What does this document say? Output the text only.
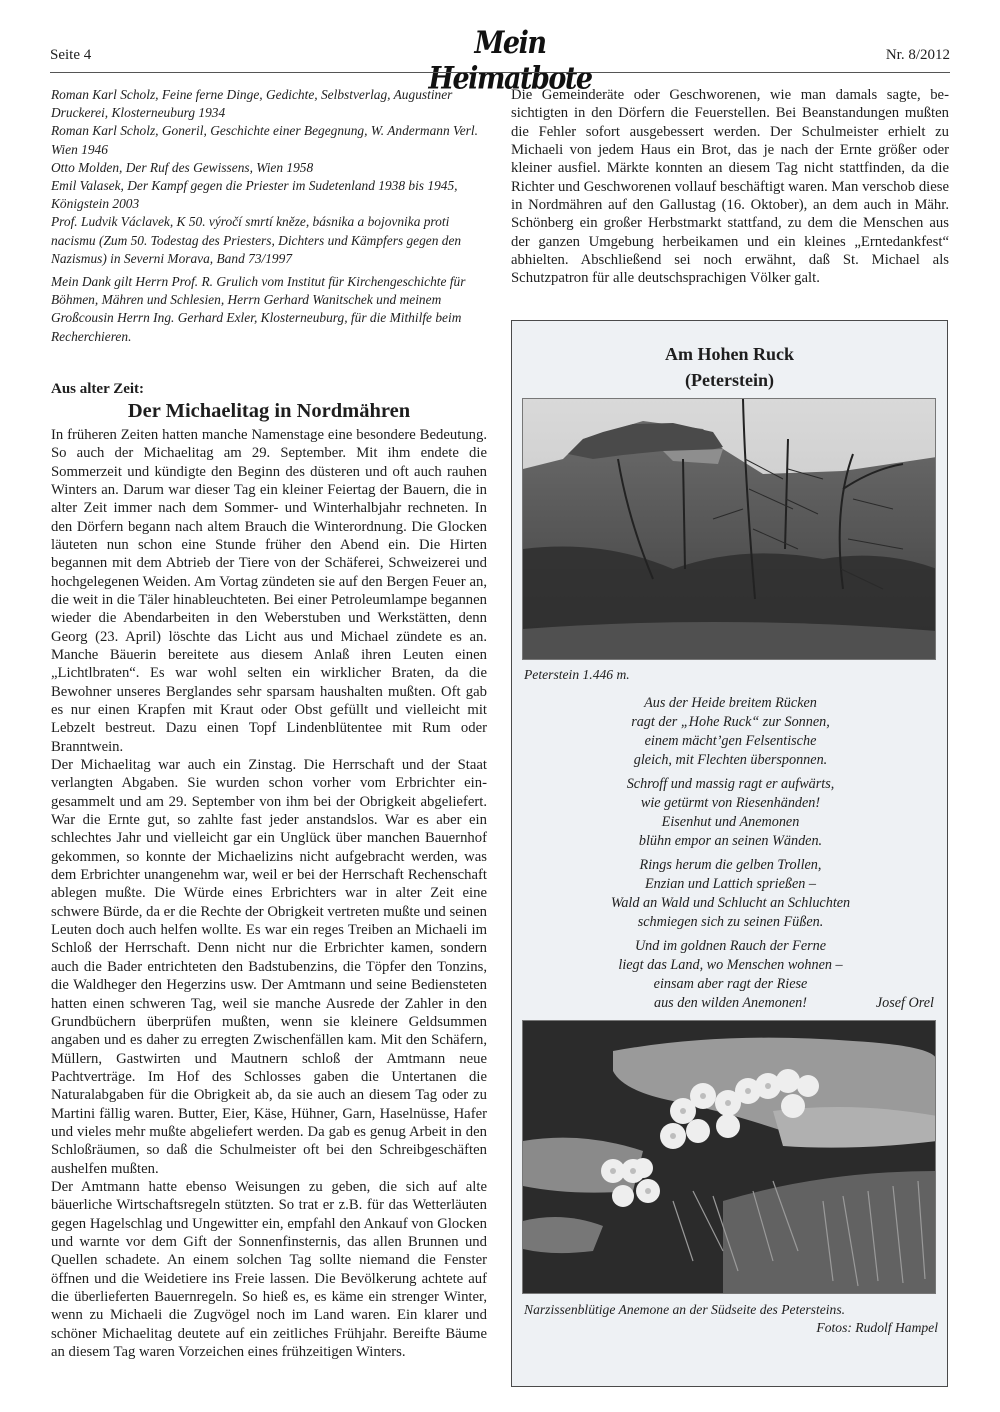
Seite 4	Mein Heimatbote
Nr. 8/2012

Roman Karl Scholz, Feine ferne Dinge, Gedichte, Selbstverlag, Augustiner Druckerei, Klosterneuburg 1934

Roman Karl Scholz, Goneril, Geschichte einer Begegnung, W. Andermann Verl. Wien 1946

Otto Molden, Der Ruf des Gewissens, Wien 1958

Emil Valasek, Der Kampf gegen die Priester im Sudetenland 1938 bis 1945, Königstein 2003

Prof. Ludvik Václavek, K 50. výročí smrtí kněze, básnika a bojovnika proti nacismu (Zum 50. Todestag des Priesters, Dichters und Kämpfers gegen den Nazismus) in Severni Morava, Band 73/1997

Mein Dank gilt Herrn Prof. R. Grulich vom Institut für Kirchengeschichte für Böhmen, Mähren und Schlesien, Herrn Gerhard Wanitschek und meinem Großcousin Herrn Ing. Gerhard Exler, Klosterneuburg, für die Mithilfe beim Recherchieren.

Aus alter Zeit:
Der Michaelitag in Nordmähren

In früheren Zeiten hatten manche Namenstage eine besondere Bedeutung. So auch der Michaelitag am 29. September. Mit ihm endete die Sommerzeit und kündigte den Beginn des düsteren und oft auch rauhen Winters an. Darum war dieser Tag ein kleiner Feiertag der Bauern, die in alter Zeit immer nach dem Sommer- und Winterhalbjahr rechneten. In den Dörfern begann nach altem Brauch die Winterordnung. Die Glocken läuteten nun schon eine Stunde früher den Abend ein. Die Hirten begannen mit dem Abtrieb der Tiere von der Schäferei, Schweizerei und hochgelegenen Weiden. Am Vortag zündeten sie auf den Bergen Feuer an, die weit in die Täler hinableuchteten. Bei einer Petroleumlampe begannen wieder die Abendarbeiten in den Weberstuben und Werkstätten, denn Georg (23. April) löschte das Licht aus und Michael zündete es an. Manche Bäuerin bereitete aus diesem Anlaß ihren Leuten einen „Lichtlbraten“. Es war wohl selten ein wirklicher Braten, da die Bewohner unseres Berglandes sehr sparsam haushalten mußten. Oft gab es nur einen Krapfen mit Kraut oder Obst gefüllt und vielleicht mit Lebzelt bestreut. Dazu einen Topf Lindenblütentee mit Rum oder Branntwein.

Der Michaelitag war auch ein Zinstag. Die Herrschaft und der Staat verlangten Abgaben. Sie wurden schon vorher vom Erbrichter eingesammelt und am 29. September von ihm bei der Obrigkeit abgeliefert. War die Ernte gut, so zahlte fast jeder anstandslos. War es aber ein schlechtes Jahr und vielleicht gar ein Unglück über manchen Bauernhof gekommen, so konnte der Michaelizins nicht aufgebracht werden, was dem Erbrichter unangenehm war, weil er bei der Herrschaft Rechenschaft ablegen mußte. Die Würde eines Erbrichters war in alter Zeit eine schwere Bürde, da er die Rechte der Obrigkeit vertreten mußte und seinen Leuten doch auch helfen wollte. Es war ein reges Treiben an Michaeli im Schloß der Herrschaft. Denn nicht nur die Erbrichter kamen, sondern auch die Bader entrichteten den Badstubenzins, die Töpfer den Tonzins, die Waldheger den Hegerzins usw. Der Amtmann und seine Bediensteten hatten einen schweren Tag, weil sie manche Ausrede der Zahler in den Grundbüchern überprüfen mußten, wenn sie kleinere Geldsummen angaben und es daher zu erregten Zwischenfällen kam. Mit den Schäfern, Müllern, Gastwirten und Mautnern schloß der Amtmann neue Pachtverträge. Im Hof des Schlosses gaben die Untertanen die Naturalabgaben für die Obrigkeit ab, da sie auch an diesem Tag oder zu Martini fällig waren. Butter, Eier, Käse, Hühner, Garn, Haselnüsse, Hafer und vieles mehr mußte abgeliefert werden. Da gab es genug Arbeit in den Schloßräumen, so daß die Schulmeister oft bei den Schreibgeschäften aushelfen mußten.

Der Amtmann hatte ebenso Weisungen zu geben, die sich auf alte bäuerliche Wirtschaftsregeln stützten. So trat er z.B. für das Wetterläuten gegen Hagelschlag und Ungewitter ein, empfahl den Ankauf von Glocken und warnte vor dem Gift der Sonnenfinsternis, das allen Brunnen und Quellen schadete. An einem solchen Tag sollte niemand die Fenster öffnen und die Weidetiere ins Freie lassen. Die Bevölkerung achtete auf die überlieferten Bauernregeln. So hieß es, es käme ein strenger Winter, wenn zu Michaeli die Zugvögel noch im Land waren. Ein klarer und schöner Michaelitag deutete auf ein zeitliches Frühjahr. Bereifte Bäume an diesem Tag waren Vorzeichen eines frühzeitigen Winters.

Die Gemeinderäte oder Geschworenen, wie man damals sagte, besichtigten in den Dörfern die Feuerstellen. Bei Beanstandungen mußten die Fehler sofort ausgebessert werden. Der Schulmeister erhielt zu Michaeli von jedem Haus ein Brot, das je nach der Ernte größer oder kleiner ausfiel. Märkte konnten an diesem Tag nicht stattfinden, da die Richter und Geschworenen vollauf beschäftigt waren. Man verschob diese in Nordmähren auf den Gallustag (16. Oktober), an dem auch in Mähr. Schönberg ein großer Herbstmarkt stattfand, zu dem die Menschen aus der ganzen Umgebung herbeikamen und ein kleines „Erntedankfest“ abhielten. Abschließend sei noch erwähnt, daß St. Michael als Schutzpatron für alle deutschsprachigen Völker galt.
Am Hohen Ruck
(Peterstein)
Peterstein 1.446 m.
Aus der Heide breitem Rücken
ragt der „Hohe Ruck“ zur Sonnen,
einem mächt’gen Felsentische
gleich, mit Flechten übersponnen.
Schroff und massig ragt er aufwärts,
wie getürmt von Riesenhänden!
Eisenhut und Anemonen
blühn empor an seinen Wänden.
Rings herum die gelben Trollen,
Enzian und Lattich sprießen –
Wald an Wald und Schlucht an Schluchten
schmiegen sich zu seinen Füßen.
Und im goldnen Rauch der Ferne
liegt das Land, wo Menschen wohnen –
einsam aber ragt der Riese
aus den wilden Anemonen!	Josef Orel
Narzissenblütige Anemone an der Südseite des Petersteins.
Fotos: Rudolf Hampel
